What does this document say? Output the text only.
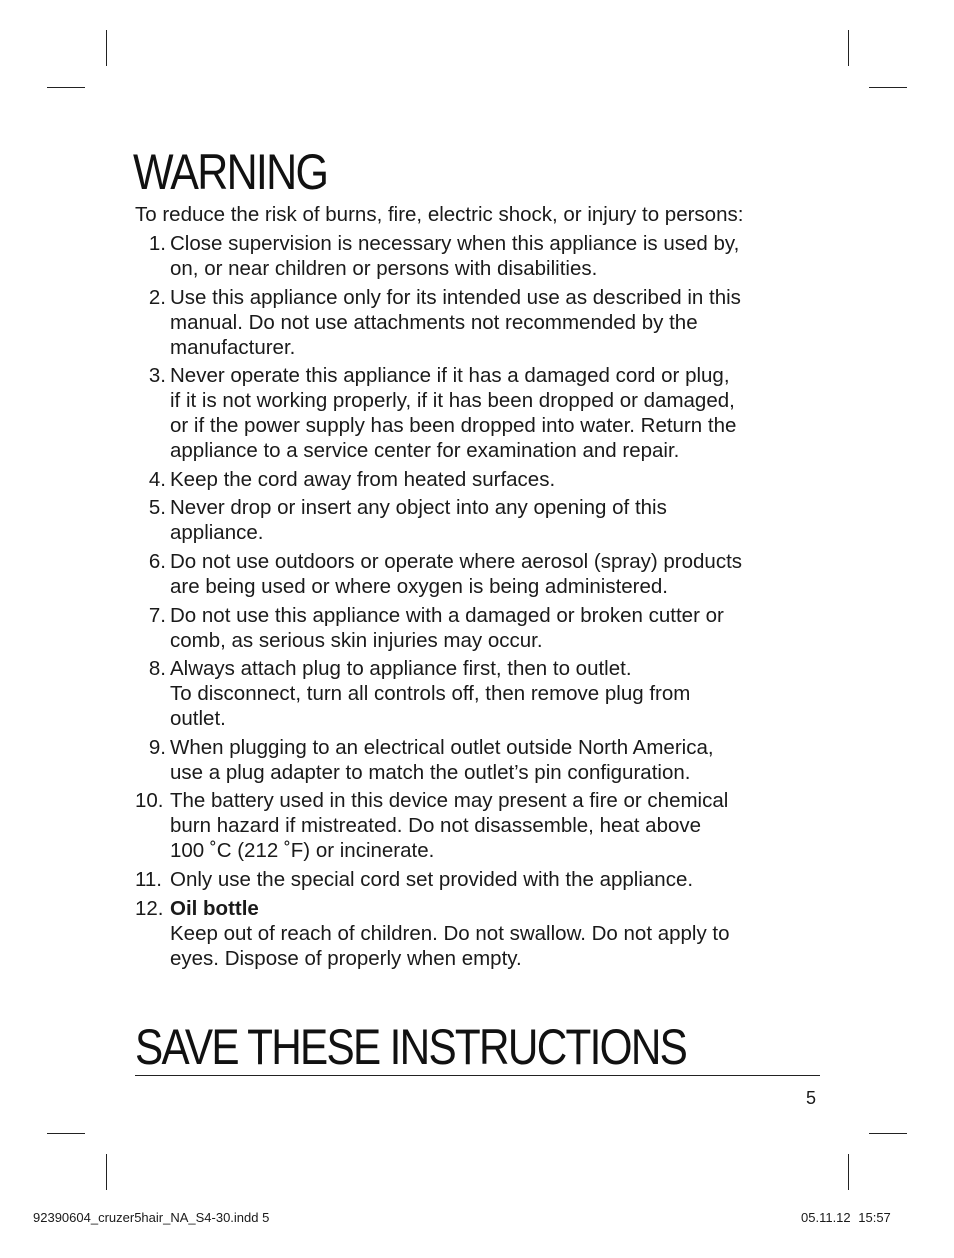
WARNING

To reduce the risk of burns, fire, electric shock, or injury to persons:

1. Close supervision is necessary when this appliance is used by,
on, or near children or persons with disabilities.
2. Use this appliance only for its intended use as described in this
manual. Do not use attachments not recommended by the
manufacturer.
3. Never operate this appliance if it has a damaged cord or plug,
if it is not working properly, if it has been dropped or damaged,
or if the power supply has been dropped into water. Return the
appliance to a service center for examination and repair.
4. Keep the cord away from heated surfaces.
5. Never drop or insert any object into any opening of this
appliance.
6. Do not use outdoors or operate where aerosol (spray) products
are being used or where oxygen is being administered.
7. Do not use this appliance with a damaged or broken cutter or
comb, as serious skin injuries may occur.
8. Always attach plug to appliance first, then to outlet.
To disconnect, turn all controls off, then remove plug from
outlet.
9. When plugging to an electrical outlet outside North America,
use a plug adapter to match the outlet’s pin configuration.
10. The battery used in this device may present a fire or chemical
burn hazard if mistreated. Do not disassemble, heat above
100 ˚C (212 ˚F) or incinerate.
11. Only use the special cord set provided with the appliance.
12. Oil bottle
Keep out of reach of children. Do not swallow. Do not apply to
eyes. Dispose of properly when empty.
SAVE THESE INSTRUCTIONS
5
92390604_cruzer5hair_NA_S4-30.indd 5	05.11.12 15:57
